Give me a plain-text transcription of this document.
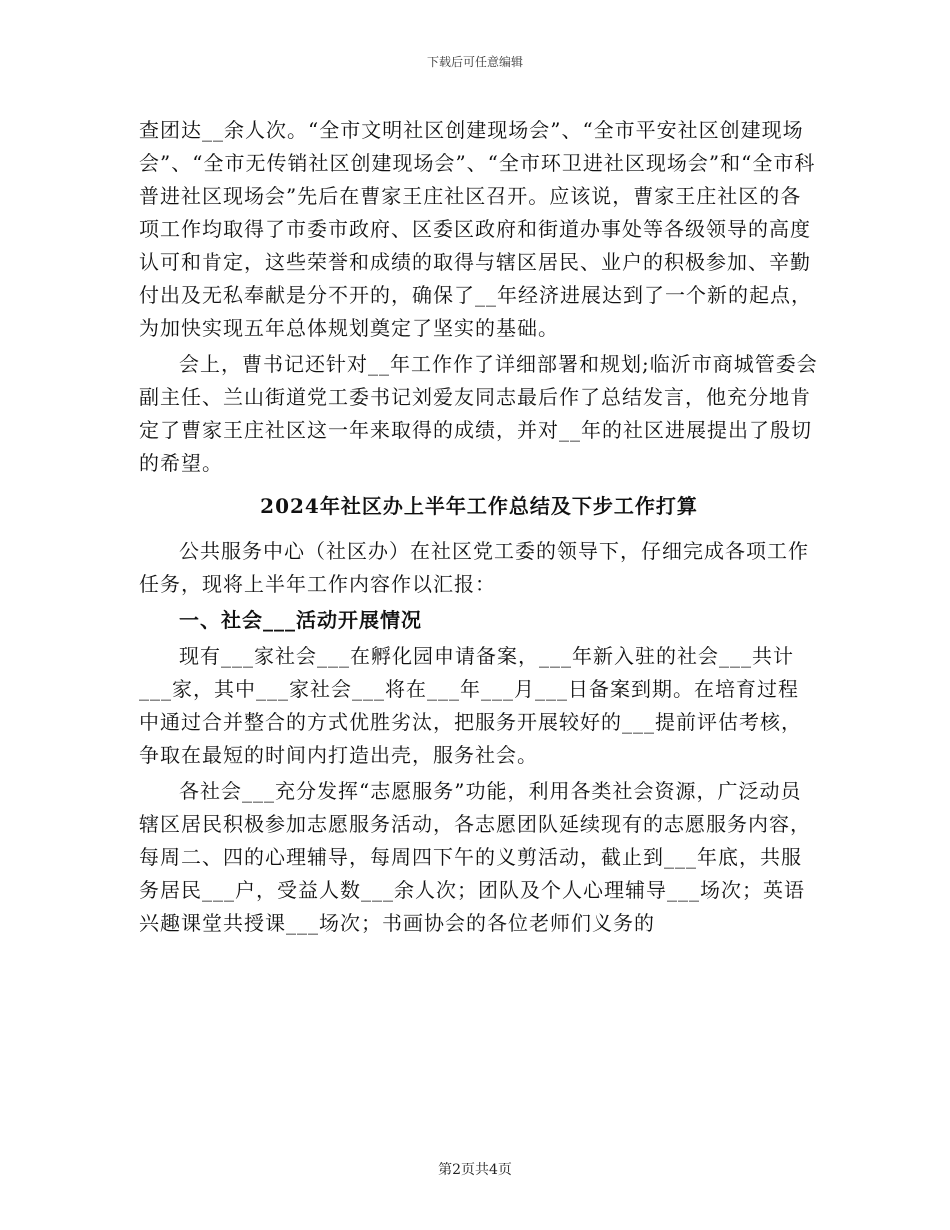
下载后可任意编辑

查团达__余人次。“全市文明社区创建现场会”、“全市平安社区创建现场会”、“全市无传销社区创建现场会”、“全市环卫进社区现场会”和“全市科普进社区现场会”先后在曹家王庄社区召开。应该说，曹家王庄社区的各项工作均取得了市委市政府、区委区政府和街道办事处等各级领导的高度认可和肯定，这些荣誉和成绩的取得与辖区居民、业户的积极参加、辛勤付出及无私奉献是分不开的，确保了__年经济进展达到了一个新的起点，为加快实现五年总体规划奠定了坚实的基础。

会上，曹书记还针对__年工作作了详细部署和规划;临沂市商城管委会副主任、兰山街道党工委书记刘爱友同志最后作了总结发言，他充分地肯定了曹家王庄社区这一年来取得的成绩，并对__年的社区进展提出了殷切的希望。

2024年社区办上半年工作总结及下步工作打算

公共服务中心（社区办）在社区党工委的领导下，仔细完成各项工作任务，现将上半年工作内容作以汇报：

一、社会___活动开展情况

现有___家社会___在孵化园申请备案，___年新入驻的社会___共计___家，其中___家社会___将在___年___月___日备案到期。在培育过程中通过合并整合的方式优胜劣汰，把服务开展较好的___提前评估考核，争取在最短的时间内打造出壳，服务社会。

各社会___充分发挥“志愿服务”功能，利用各类社会资源，广泛动员辖区居民积极参加志愿服务活动，各志愿团队延续现有的志愿服务内容，每周二、四的心理辅导，每周四下午的义剪活动，截止到___年底，共服务居民___户，受益人数___余人次；团队及个人心理辅导___场次；英语兴趣课堂共授课___场次；书画协会的各位老师们义务的

第2页共4页
